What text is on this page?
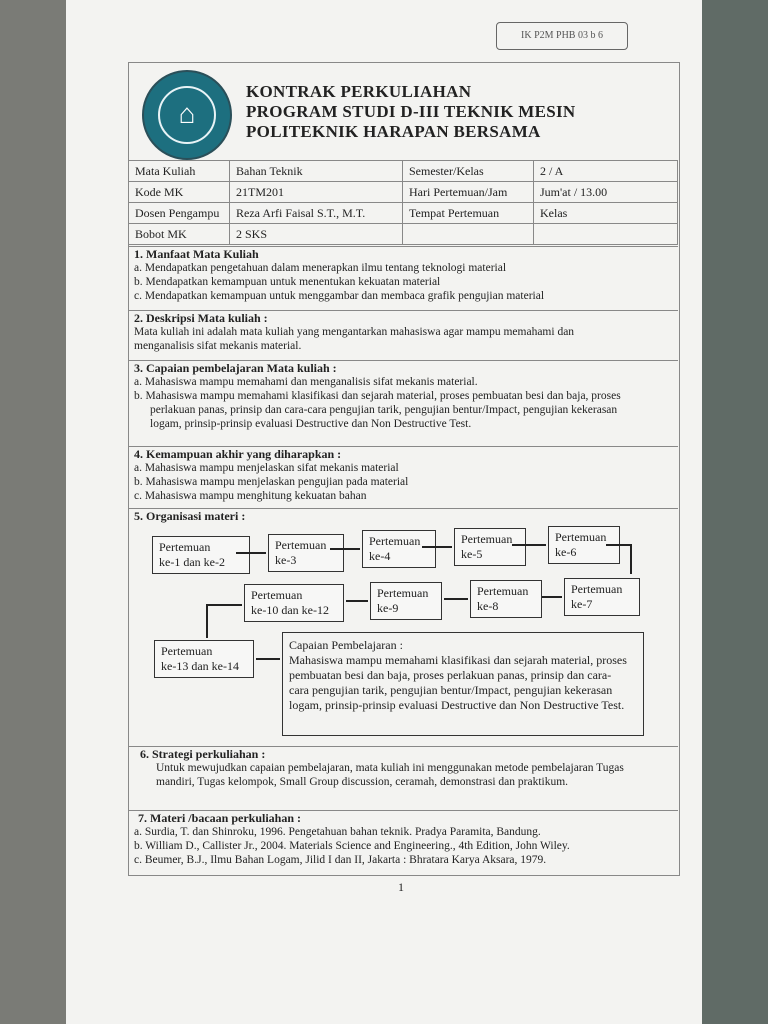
IK P2M PHB 03 b 6
⌂
KONTRAK PERKULIAHAN
PROGRAM STUDI D-III TEKNIK MESIN
POLITEKNIK HARAPAN BERSAMA
Mata Kuliah	Bahan Teknik	Semester/Kelas	2 / A
Kode MK	21TM201	Hari Pertemuan/Jam	Jum'at / 13.00
Dosen Pengampu	Reza Arfi Faisal S.T., M.T.	Tempat Pertemuan	Kelas
Bobot MK	2 SKS		
1. Manfaat Mata Kuliah
a. Mendapatkan pengetahuan dalam menerapkan ilmu tentang teknologi material
b. Mendapatkan kemampuan untuk menentukan kekuatan material
c. Mendapatkan kemampuan untuk menggambar dan membaca grafik pengujian material
2. Deskripsi Mata kuliah :
Mata kuliah ini adalah mata kuliah yang mengantarkan mahasiswa agar mampu memahami dan
menganalisis sifat mekanis material.
3. Capaian pembelajaran Mata kuliah :
a. Mahasiswa mampu memahami dan menganalisis sifat mekanis material.
b. Mahasiswa mampu memahami klasifikasi dan sejarah material, proses pembuatan besi dan baja, proses
perlakuan panas, prinsip dan cara-cara pengujian tarik, pengujian bentur/Impact, pengujian kekerasan
logam, prinsip-prinsip evaluasi Destructive dan Non Destructive Test.
4. Kemampuan akhir yang diharapkan :
a. Mahasiswa mampu menjelaskan sifat mekanis material
b. Mahasiswa mampu menjelaskan pengujian pada material
c. Mahasiswa mampu menghitung kekuatan bahan
5. Organisasi materi :
Pertemuan
ke-1 dan ke-2
Pertemuan
ke-3
Pertemuan
ke-4
Pertemuan
ke-5
Pertemuan
ke-6
Pertemuan
ke-7
Pertemuan
ke-8
Pertemuan
ke-9
Pertemuan
ke-10 dan ke-12
Pertemuan
ke-13 dan ke-14
Capaian Pembelajaran :
Mahasiswa mampu memahami klasifikasi dan sejarah material, proses
pembuatan besi dan baja, proses perlakuan panas, prinsip dan cara-
cara pengujian tarik, pengujian bentur/Impact, pengujian kekerasan
logam, prinsip-prinsip evaluasi Destructive dan Non Destructive Test.
6. Strategi perkuliahan :
Untuk mewujudkan capaian pembelajaran, mata kuliah ini menggunakan metode pembelajaran Tugas
mandiri, Tugas kelompok, Small Group discussion, ceramah, demonstrasi dan praktikum.
7. Materi /bacaan perkuliahan :
a. Surdia, T. dan Shinroku, 1996. Pengetahuan bahan teknik. Pradya Paramita, Bandung.
b. William D., Callister Jr., 2004. Materials Science and Engineering., 4th Edition, John Wiley.
c. Beumer, B.J., Ilmu Bahan Logam, Jilid I dan II, Jakarta : Bhratara Karya Aksara, 1979.
1
